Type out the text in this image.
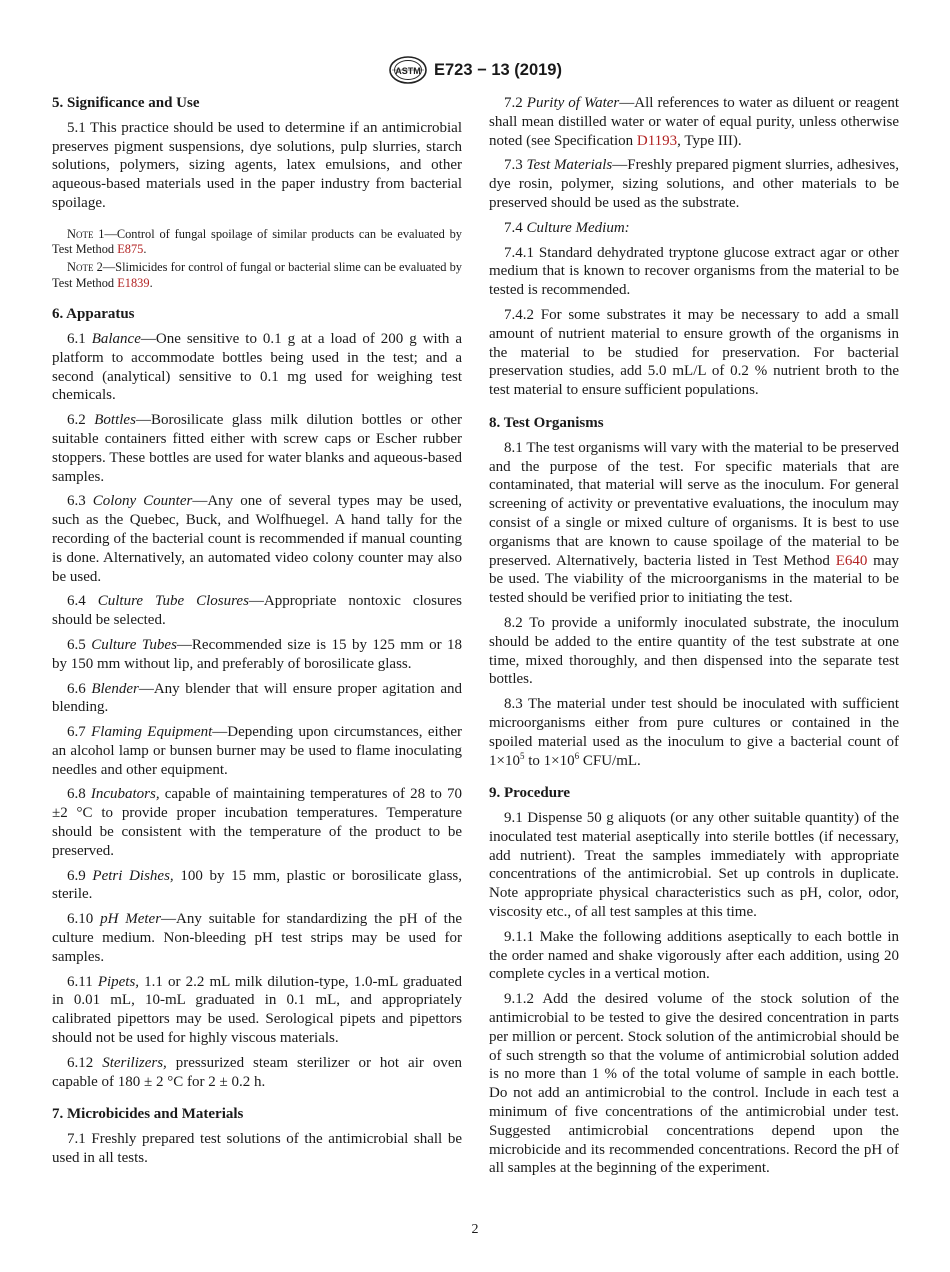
ASTM E723 − 13 (2019)
5. Significance and Use

5.1 This practice should be used to determine if an antimicrobial preserves pigment suspensions, dye solutions, pulp slurries, starch solutions, polymers, sizing agents, latex emulsions, and other aqueous-based materials used in the paper industry from bacterial spoilage.

Note 1—Control of fungal spoilage of similar products can be evaluated by Test Method E875.
Note 2—Slimicides for control of fungal or bacterial slime can be evaluated by Test Method E1839.
6. Apparatus

6.1 Balance—One sensitive to 0.1 g at a load of 200 g with a platform to accommodate bottles being used in the test; and a second (analytical) sensitive to 0.1 mg used for weighing test chemicals.

6.2 Bottles—Borosilicate glass milk dilution bottles or other suitable containers fitted either with screw caps or Escher rubber stoppers. These bottles are used for water blanks and aqueous-based samples.

6.3 Colony Counter—Any one of several types may be used, such as the Quebec, Buck, and Wolfhuegel. A hand tally for the recording of the bacterial count is recommended if manual counting is done. Alternatively, an automated video colony counter may also be used.

6.4 Culture Tube Closures—Appropriate nontoxic closures should be selected.

6.5 Culture Tubes—Recommended size is 15 by 125 mm or 18 by 150 mm without lip, and preferably of borosilicate glass.

6.6 Blender—Any blender that will ensure proper agitation and blending.

6.7 Flaming Equipment—Depending upon circumstances, either an alcohol lamp or bunsen burner may be used to flame inoculating needles and other equipment.

6.8 Incubators, capable of maintaining temperatures of 28 to 70 ±2 °C to provide proper incubation temperatures. Temperature should be consistent with the temperature of the product to be preserved.

6.9 Petri Dishes, 100 by 15 mm, plastic or borosilicate glass, sterile.

6.10 pH Meter—Any suitable for standardizing the pH of the culture medium. Non-bleeding pH test strips may be used for samples.

6.11 Pipets, 1.1 or 2.2 mL milk dilution-type, 1.0-mL graduated in 0.01 mL, 10-mL graduated in 0.1 mL, and appropriately calibrated pipettors may be used. Serological pipets and pipettors should not be used for highly viscous materials.

6.12 Sterilizers, pressurized steam sterilizer or hot air oven capable of 180 ± 2 °C for 2 ± 0.2 h.

7. Microbicides and Materials

7.1 Freshly prepared test solutions of the antimicrobial shall be used in all tests.

7.2 Purity of Water—All references to water as diluent or reagent shall mean distilled water or water of equal purity, unless otherwise noted (see Specification D1193, Type III).

7.3 Test Materials—Freshly prepared pigment slurries, adhesives, dye rosin, polymer, sizing solutions, and other materials to be preserved should be used as the substrate.

7.4 Culture Medium:

7.4.1 Standard dehydrated tryptone glucose extract agar or other medium that is known to recover organisms from the material to be tested is recommended.

7.4.2 For some substrates it may be necessary to add a small amount of nutrient material to ensure growth of the organisms in the material to be studied for preservation. For bacterial preservation studies, add 5.0 mL/L of 0.2 % nutrient broth to the test material to ensure sufficient populations.

8. Test Organisms

8.1 The test organisms will vary with the material to be preserved and the purpose of the test. For specific materials that are contaminated, that material will serve as the inoculum. For general screening of activity or preventative evaluations, the inoculum may consist of a single or mixed culture of organisms. It is best to use organisms that are known to cause spoilage of the material to be preserved. Alternatively, bacteria listed in Test Method E640 may be used. The viability of the microorganisms in the material to be tested should be verified prior to initiating the test.

8.2 To provide a uniformly inoculated substrate, the inoculum should be added to the entire quantity of the test substrate at one time, mixed thoroughly, and then dispensed into the separate test bottles.

8.3 The material under test should be inoculated with sufficient microorganisms either from pure cultures or contained in the spoiled material used as the inoculum to give a bacterial count of $1\times 10^5$ to $1\times 10^6$ CFU/mL.

9. Procedure

9.1 Dispense 50 g aliquots (or any other suitable quantity) of the inoculated test material aseptically into sterile bottles (if necessary, add nutrient). Treat the samples immediately with appropriate concentrations of the antimicrobial. Set up controls in duplicate. Note appropriate physical characteristics such as pH, color, odor, viscosity etc., of all test samples at this time.

9.1.1 Make the following additions aseptically to each bottle in the order named and shake vigorously after each addition, using 20 complete cycles in a vertical motion.

9.1.2 Add the desired volume of the stock solution of the antimicrobial to be tested to give the desired concentration in parts per million or percent. Stock solution of the antimicrobial should be of such strength so that the volume of antimicrobial solution added is no more than 1 % of the total volume of sample in each bottle. Do not add an antimicrobial to the control. Include in each test a minimum of five concentrations of the antimicrobial under test. Suggested antimicrobial concentrations depend upon the microbicide and its recommended concentrations. Record the pH of all samples at the beginning of the experiment.

2
